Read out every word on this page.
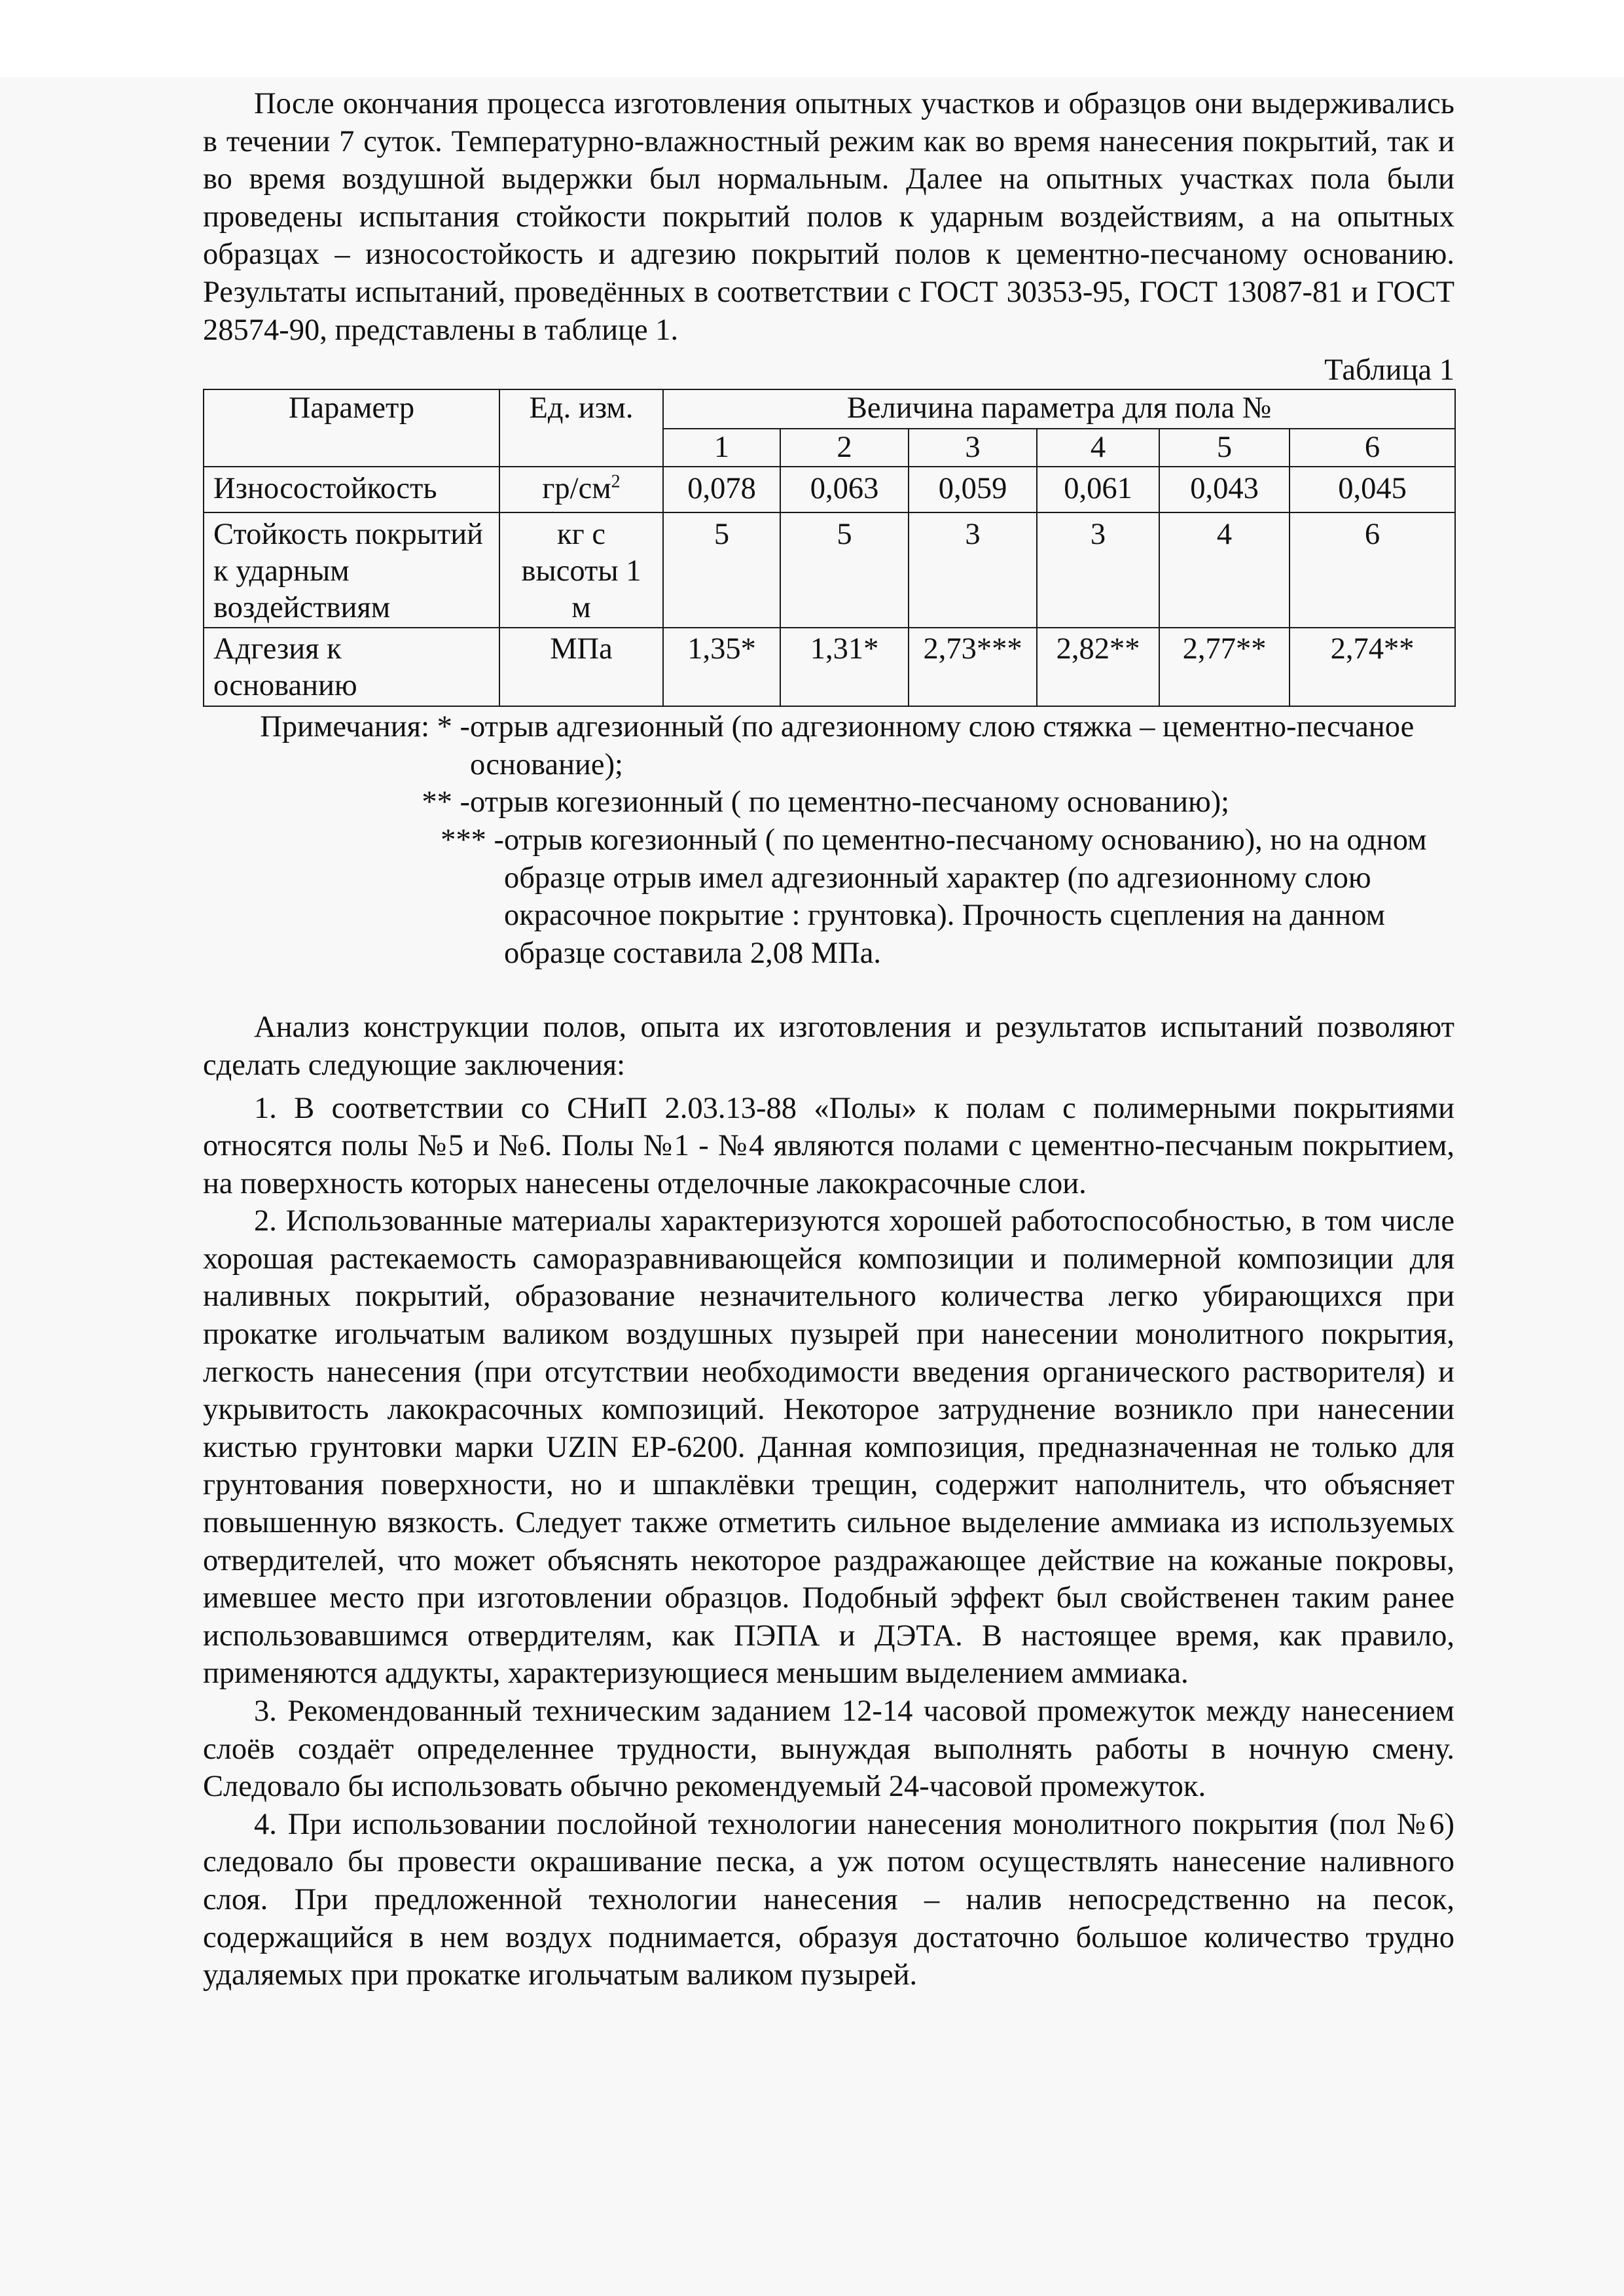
После окончания процесса изготовления опытных участков и образцов они выдерживались в течении 7 суток. Температурно-влажностный режим как во время нанесения покрытий, так и во время воздушной выдержки был нормальным. Далее на опытных участках пола были проведены испытания стойкости покрытий полов к ударным воздействиям, а на опытных образцах – износостойкость и адгезию покрытий полов к цементно-песчаному основанию. Результаты испытаний, проведённых в соответствии с ГОСТ 30353-95, ГОСТ 13087-81 и ГОСТ 28574-90, представлены в таблице 1.

Таблица 1
Параметр	Ед. изм.	Величина параметра для пола №					
		1	2	3	4	5	6
Износостойкость	$гр/см^2$	0,078	0,063	0,059	0,061	0,043	0,045
Стойкость покрытий к ударным воздействиям	кг с высоты 1 м	5	5	3	3	4	6
Адгезия к основанию	МПа	1,35*	1,31*	2,73***	2,82**	2,77**	2,74**
Примечания: * - отрыв адгезионный (по адгезионному слою стяжка – цементно-песчаное основание);
** - отрыв когезионный ( по цементно-песчаному основанию);
*** - отрыв когезионный ( по цементно-песчаному основанию), но на одном образце отрыв имел адгезионный характер (по адгезионному слою окрасочное покрытие : грунтовка). Прочность сцепления на данном образце составила 2,08 МПа.

Анализ конструкции полов, опыта их изготовления и результатов испытаний позволяют сделать следующие заключения:

1. В соответствии со СНиП 2.03.13-88 «Полы» к полам с полимерными покрытиями относятся полы №5 и №6. Полы №1 - №4 являются полами с цементно-песчаным покрытием, на поверхность которых нанесены отделочные лакокрасочные слои.

2. Использованные материалы характеризуются хорошей работоспособностью, в том числе хорошая растекаемость саморазравнивающейся композиции и полимерной композиции для наливных покрытий, образование незначительного количества легко убирающихся при прокатке игольчатым валиком воздушных пузырей при нанесении монолитного покрытия, легкость нанесения (при отсутствии необходимости введения органического растворителя) и укрывитость лакокрасочных композиций. Некоторое затруднение возникло при нанесении кистью грунтовки марки UZIN EP-6200. Данная композиция, предназначенная не только для грунтования поверхности, но и шпаклёвки трещин, содержит наполнитель, что объясняет повышенную вязкость. Следует также отметить сильное выделение аммиака из используемых отвердителей, что может объяснять некоторое раздражающее действие на кожаные покровы, имевшее место при изготовлении образцов. Подобный эффект был свойственен таким ранее использовавшимся отвердителям, как ПЭПА и ДЭТА. В настоящее время, как правило, применяются аддукты, характеризующиеся меньшим выделением аммиака.

3. Рекомендованный техническим заданием 12-14 часовой промежуток между нанесением слоёв создаёт определеннее трудности, вынуждая выполнять работы в ночную смену. Следовало бы использовать обычно рекомендуемый 24-часовой промежуток.

4. При использовании послойной технологии нанесения монолитного покрытия (пол №6) следовало бы провести окрашивание песка, а уж потом осуществлять нанесение наливного слоя. При предложенной технологии нанесения – налив непосредственно на песок, содержащийся в нем воздух поднимается, образуя достаточно большое количество трудно удаляемых при прокатке игольчатым валиком пузырей.
